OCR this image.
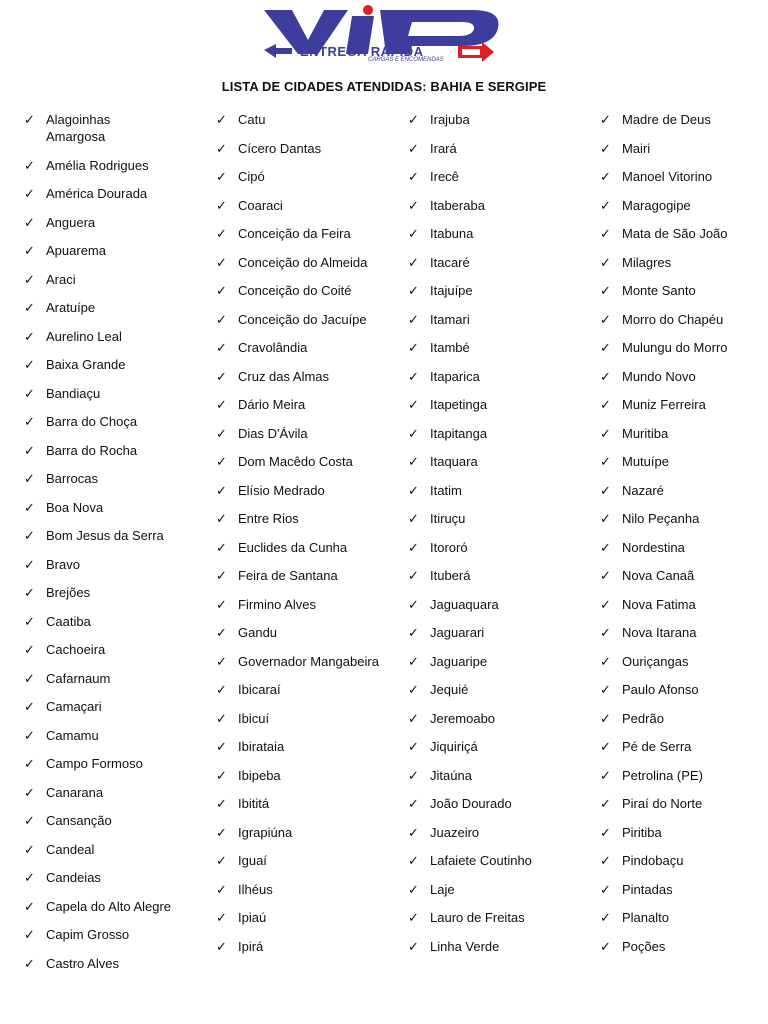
ENTREGA RÁPIDA
CARGAS E ENCOMENDAS
LISTA DE CIDADES ATENDIDAS: BAHIA E SERGIPE
✓ Alagoinhas
Amargosa
✓ Amélia Rodrigues
✓ América Dourada
✓ Anguera
✓ Apuarema
✓ Araci
✓ Aratuípe
✓ Aurelino Leal
✓ Baixa Grande
✓ Bandiaçu
✓ Barra do Choça
✓ Barra do Rocha
✓ Barrocas
✓ Boa Nova
✓ Bom Jesus da Serra
✓ Bravo
✓ Brejões
✓ Caatiba
✓ Cachoeira
✓ Cafarnaum
✓ Camaçari
✓ Camamu
✓ Campo Formoso
✓ Canarana
✓ Cansanção
✓ Candeal
✓ Candeias
✓ Capela do Alto Alegre
✓ Capim Grosso
✓ Castro Alves
✓ Catu
✓ Cícero Dantas
✓ Cipó
✓ Coaraci
✓ Conceição da Feira
✓ Conceição do Almeida
✓ Conceição do Coité
✓ Conceição do Jacuípe
✓ Cravolândia
✓ Cruz das Almas
✓ Dário Meira
✓ Dias D'Ávila
✓ Dom Macêdo Costa
✓ Elísio Medrado
✓ Entre Rios
✓ Euclides da Cunha
✓ Feira de Santana
✓ Firmino Alves
✓ Gandu
✓ Governador Mangabeira
✓ Ibicaraí
✓ Ibicuí
✓ Ibirataia
✓ Ibipeba
✓ Ibititá
✓ Igrapiúna
✓ Iguaí
✓ Ilhéus
✓ Ipiaú
✓ Ipirá
✓ Irajuba
✓ Irará
✓ Irecê
✓ Itaberaba
✓ Itabuna
✓ Itacaré
✓ Itajuípe
✓ Itamari
✓ Itambé
✓ Itaparica
✓ Itapetinga
✓ Itapitanga
✓ Itaquara
✓ Itatim
✓ Itiruçu
✓ Itororó
✓ Ituberá
✓ Jaguaquara
✓ Jaguarari
✓ Jaguaripe
✓ Jequié
✓ Jeremoabo
✓ Jiquiriçá
✓ Jitaúna
✓ João Dourado
✓ Juazeiro
✓ Lafaiete Coutinho
✓ Laje
✓ Lauro de Freitas
✓ Linha Verde
✓ Madre de Deus
✓ Mairi
✓ Manoel Vitorino
✓ Maragogipe
✓ Mata de São João
✓ Milagres
✓ Monte Santo
✓ Morro do Chapéu
✓ Mulungu do Morro
✓ Mundo Novo
✓ Muniz Ferreira
✓ Muritiba
✓ Mutuípe
✓ Nazaré
✓ Nilo Peçanha
✓ Nordestina
✓ Nova Canaã
✓ Nova Fatima
✓ Nova Itarana
✓ Ouriçangas
✓ Paulo Afonso
✓ Pedrão
✓ Pé de Serra
✓ Petrolina (PE)
✓ Piraí do Norte
✓ Piritiba
✓ Pindobaçu
✓ Pintadas
✓ Planalto
✓ Poções
